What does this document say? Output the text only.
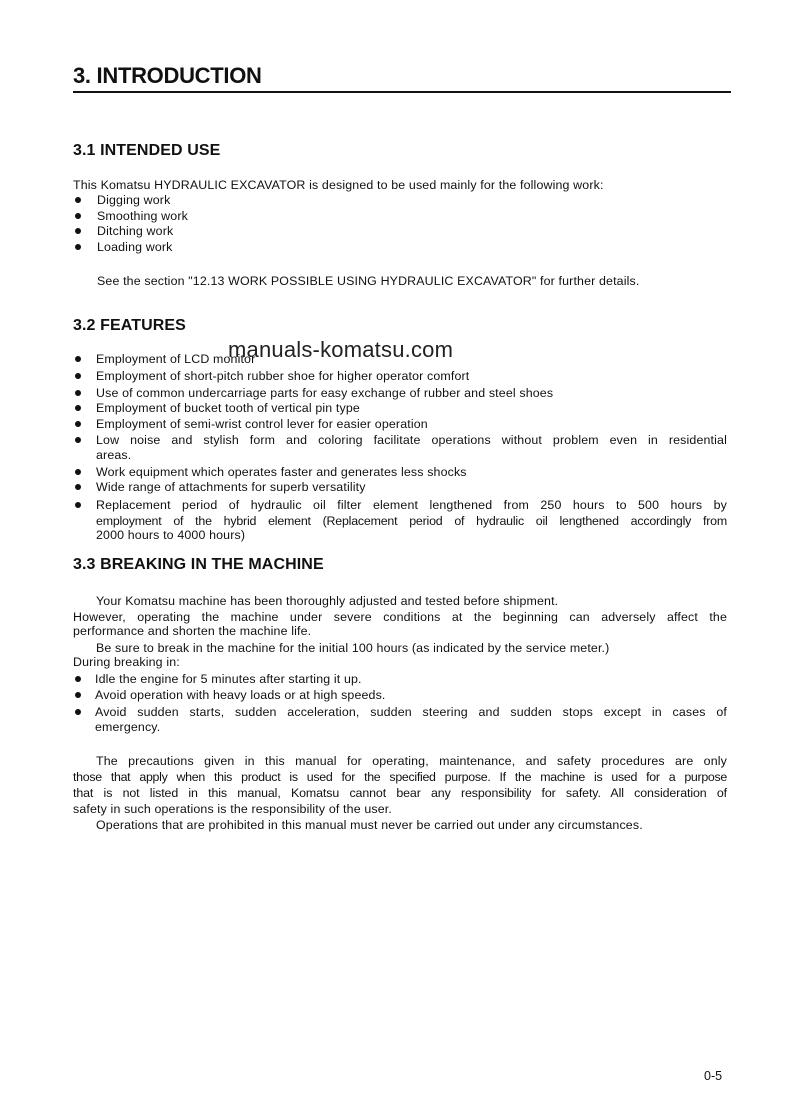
3. INTRODUCTION
3.1 INTENDED USE
This Komatsu HYDRAULIC EXCAVATOR is designed to be used mainly for the following work:
Digging work
Smoothing work
Ditching work
Loading work
See the section "12.13 WORK POSSIBLE USING HYDRAULIC EXCAVATOR" for further details.
3.2 FEATURES
Employment of LCD monitor
Employment of short-pitch rubber shoe for higher operator comfort
Use of common undercarriage parts for easy exchange of rubber and steel shoes
Employment of bucket tooth of vertical pin type
Employment of semi-wrist control lever for easier operation
Low noise and stylish form and coloring facilitate operations without problem even in residential
areas.
Work equipment which operates faster and generates less shocks
Wide range of attachments for superb versatility
Replacement period of hydraulic oil filter element lengthened from 250 hours to 500 hours by
employment of the hybrid element (Replacement period of hydraulic oil lengthened accordingly from
2000 hours to 4000 hours)
manuals-komatsu.com
3.3 BREAKING IN THE MACHINE
Your Komatsu machine has been thoroughly adjusted and tested before shipment.
However, operating the machine under severe conditions at the beginning can adversely affect the
performance and shorten the machine life.
Be sure to break in the machine for the initial 100 hours (as indicated by the service meter.)
During breaking in:
Idle the engine for 5 minutes after starting it up.
Avoid operation with heavy loads or at high speeds.
Avoid sudden starts, sudden acceleration, sudden steering and sudden stops except in cases of
emergency.
The precautions given in this manual for operating, maintenance, and safety procedures are only
those that apply when this product is used for the specified purpose. If the machine is used for a purpose
that is not listed in this manual, Komatsu cannot bear any responsibility for safety. All consideration of
safety in such operations is the responsibility of the user.
Operations that are prohibited in this manual must never be carried out under any circumstances.
0-5
